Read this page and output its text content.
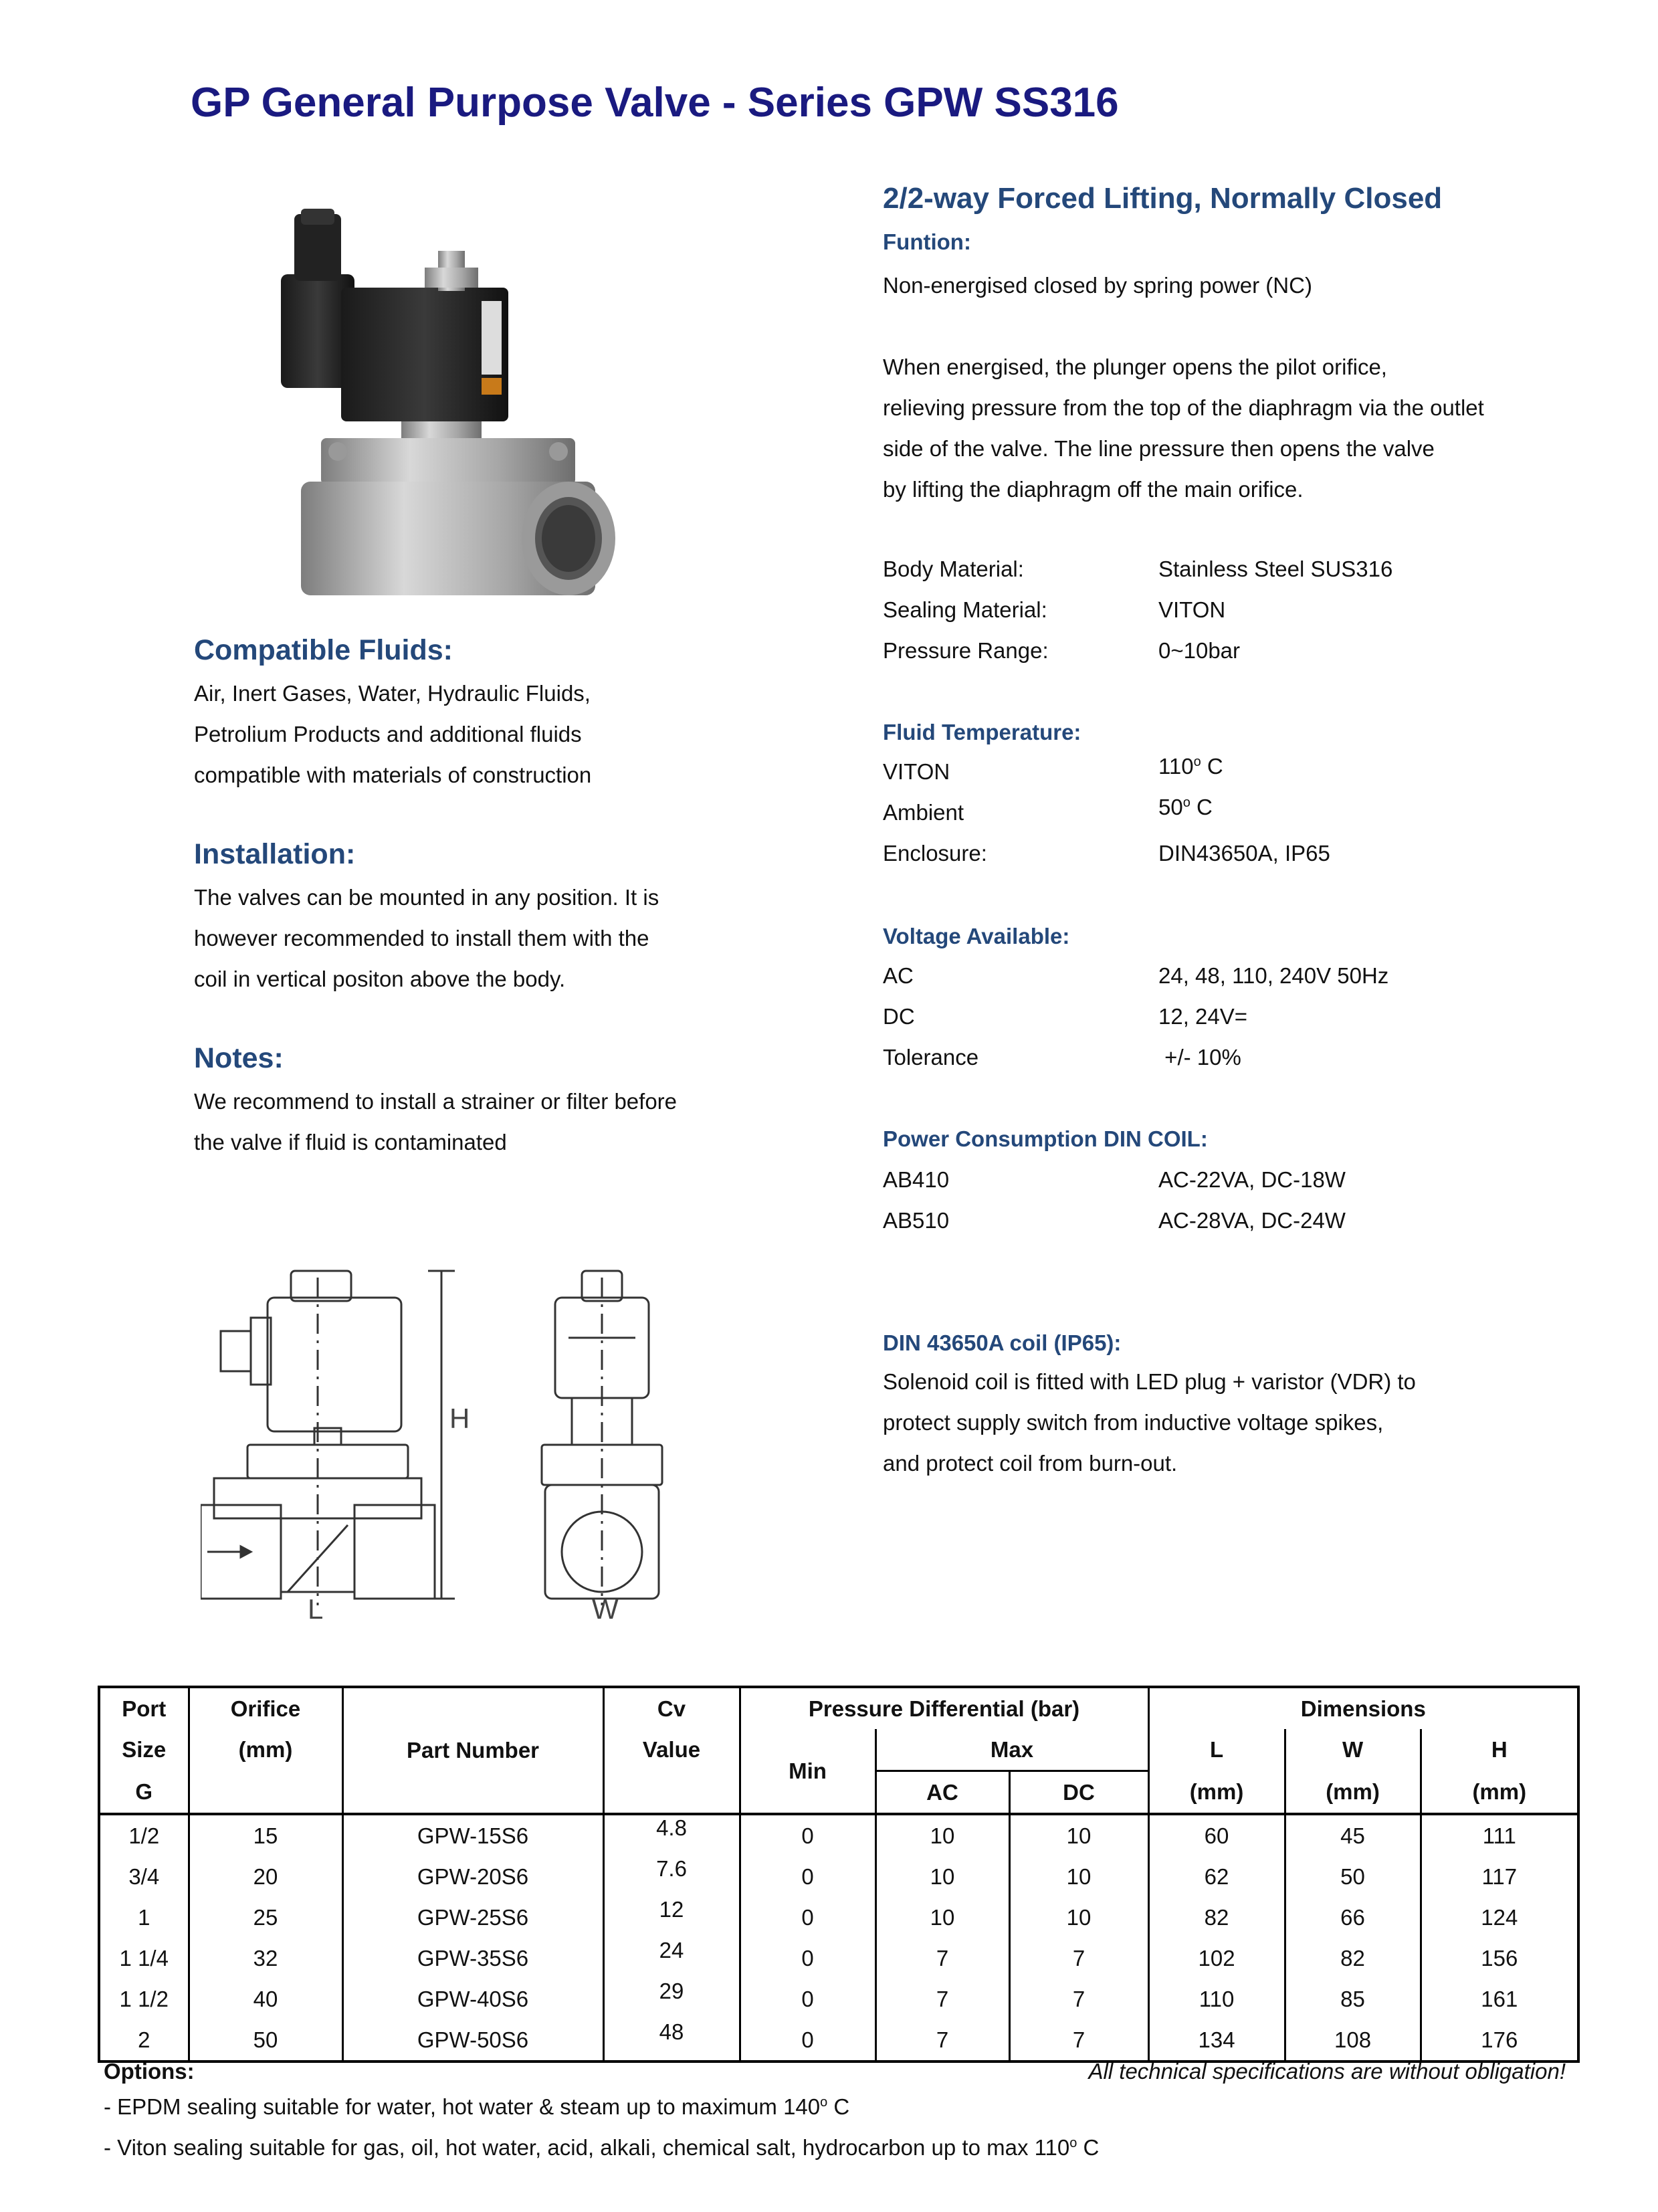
GP General Purpose Valve - Series GPW SS316
2/2-way Forced Lifting, Normally Closed
Funtion:
Non-energised closed by spring power (NC)
When energised, the plunger opens the pilot orifice,
relieving pressure from the top of the diaphragm via the outlet
side of the valve. The line pressure then opens the valve
by lifting the diaphragm off the main orifice.
Body Material:	Stainless Steel SUS316
Sealing Material:	VITON
Pressure Range:	0~10bar
Fluid Temperature:
VITON	110$^o$ C
Ambient	50$^o$ C
Enclosure:	DIN43650A, IP65
Voltage Available:
AC	24, 48, 110, 240V 50Hz
DC	12, 24V=
Tolerance	+/- 10%
Power Consumption DIN COIL:
AB410	AC-22VA, DC-18W
AB510	AC-28VA, DC-24W
DIN 43650A coil (IP65):
Solenoid coil is fitted with LED plug + varistor (VDR) to
protect supply switch from inductive voltage spikes,
and protect coil from burn-out.
Compatible Fluids:
Air, Inert Gases, Water, Hydraulic Fluids,
Petrolium Products and additional fluids
compatible with materials of construction
Installation:
The valves can be mounted in any position. It is
however recommended to install them with the
coil in vertical positon above the body.
Notes:
We recommend to install a strainer or filter before
the valve if fluid is contaminated
H
L	W
Port	Orifice	Part Number	Cv	Pressure Differential (bar)			Dimensions		
Size	(mm)		Value	Min	Max		L	W	H
G					AC	DC	(mm)	(mm)	(mm)
1/2	15	GPW-15S6	4.8	0	10	10	60	45	111
3/4	20	GPW-20S6	7.6	0	10	10	62	50	117
1	25	GPW-25S6	12	0	10	10	82	66	124
1 1/4	32	GPW-35S6	24	0	7	7	102	82	156
1 1/2	40	GPW-40S6	29	0	7	7	110	85	161
2	50	GPW-50S6	48	0	7	7	134	108	176
Options:	All technical specifications are without obligation!
- EPDM sealing suitable for water, hot water & steam up to maximum 140$^o$ C
- Viton sealing suitable for gas, oil, hot water, acid, alkali, chemical salt, hydrocarbon up to max 110$^o$ C
